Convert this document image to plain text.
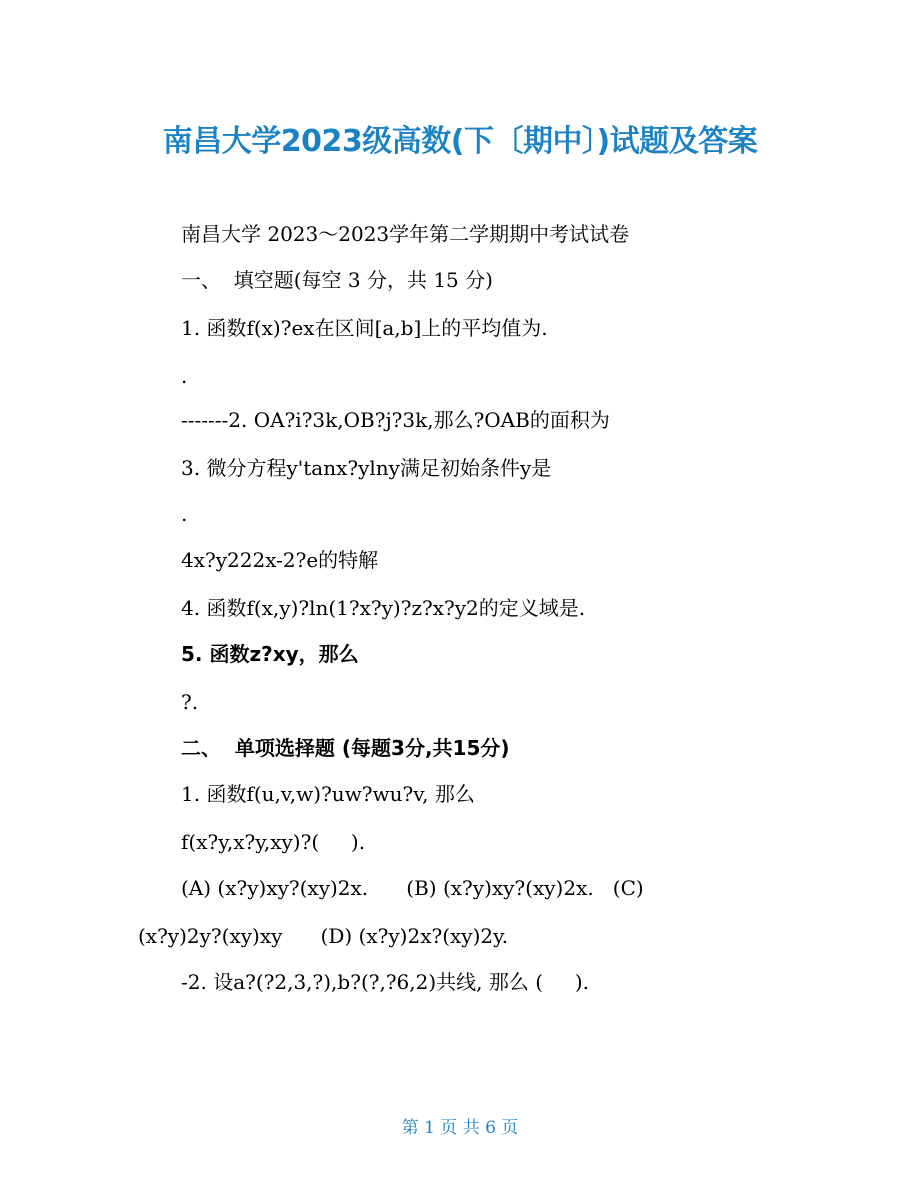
南昌大学2023级高数(下〔期中〕)试题及答案
南昌大学 2023～2023学年第二学期期中考试试卷
一、  填空题(每空 3 分，共 15 分)
1. 函数f(x)?ex在区间[a,b]上的平均值为.
.
-------2. OA?i?3k,OB?j?3k,那么?OAB的面积为
3. 微分方程y'tanx?ylny满足初始条件y是
.
4x?y222x-2?e的特解
4. 函数f(x,y)?ln(1?x?y)?z?x?y2的定义域是.
5. 函数z?xy，那么
?.
二、  单项选择题 (每题3分,共15分)
1. 函数f(u,v,w)?uw?wu?v, 那么
f(x?y,x?y,xy)?(     ).
(A) (x?y)xy?(xy)2x.      (B) (x?y)xy?(xy)2x.   (C)
(x?y)2y?(xy)xy      (D) (x?y)2x?(xy)2y.
-2. 设a?(?2,3,?),b?(?,?6,2)共线, 那么 (     ).
第 1 页 共 6 页
